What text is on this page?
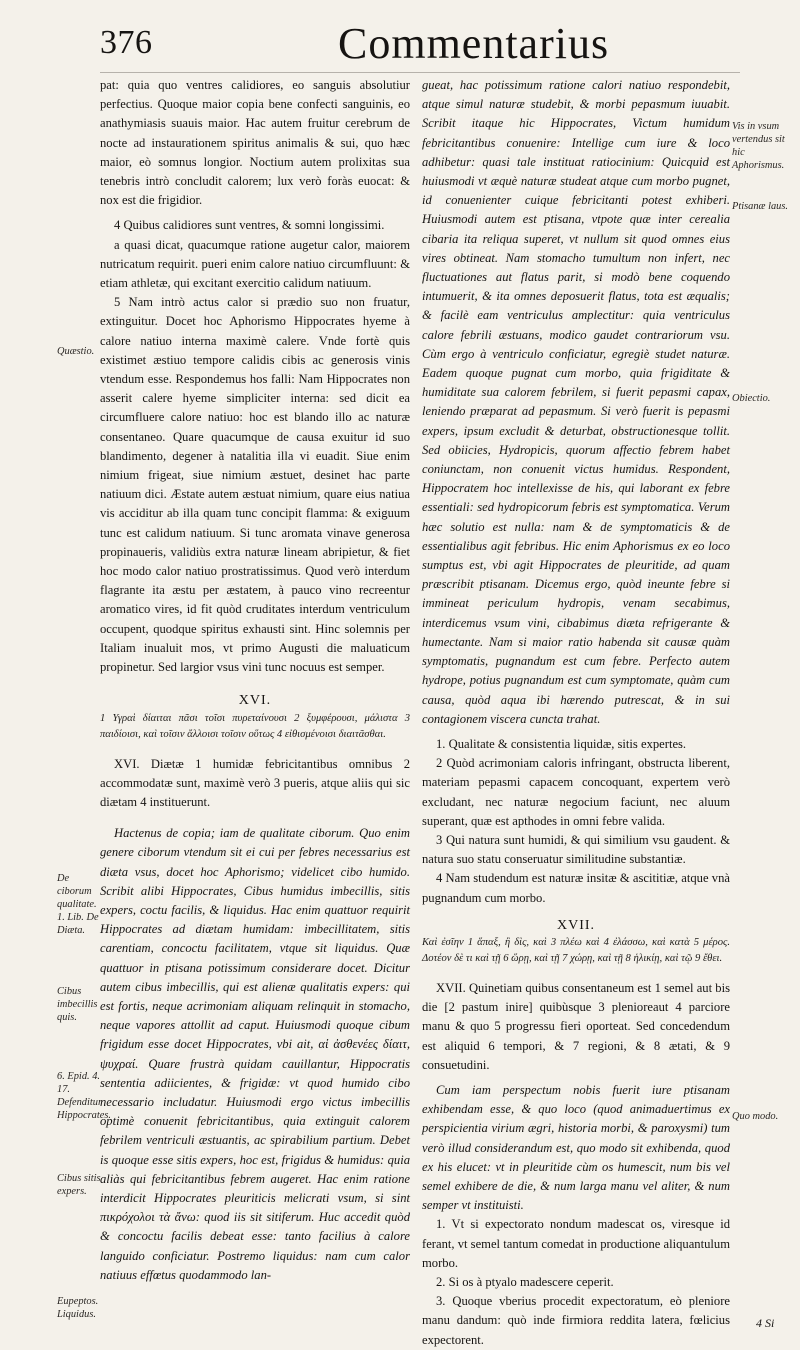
376	Commentarius

pat: quia quo ventres calidiores, eo sanguis absolutiur perfectius. Quoque maior copia bene confecti sanguinis, eo anathymiasis suauis maior. Hac autem fruitur cerebrum de nocte ad instaurationem spiritus animalis & sui, quo hæc maior, eò somnus longior. Noctium autem prolixitas sua tenebris intrò concludit calorem; lux verò foràs euocat: & nox est die frigidior.

4 Quibus calidiores sunt ventres, & somni longissimi.

a quasi dicat, quacumque ratione augetur calor, maiorem nutricatum requirit. pueri enim calore natiuo circumfluunt: & etiam athletæ, qui excitant exercitio calidum natiuum.

5 Nam intrò actus calor si prædio suo non fruatur, extinguitur. Docet hoc Aphorismo Hippocrates hyeme à calore natiuo interna maximè calere. Vnde fortè quis existimet æstiuo tempore calidis cibis ac generosis vinis vtendum esse. Respondemus hos falli: Nam Hippocrates non asserit calere hyeme simpliciter interna: sed dicit ea circumfluere calore natiuo: hoc est blando illo ac naturæ consentaneo. Quare quacumque de causa exuitur id suo blandimento, degener à natalitia illa vi euadit. Siue enim nimium frigeat, siue nimium æstuet, desinet hac parte natiuum dici. Æstate autem æstuat nimium, quare eius natiua vis acciditur ab illa quam tunc concipit flamma: & exiguum tunc est calidum natiuum. Si tunc aromata vinave generosa propinaueris, validiùs extra naturæ lineam abripietur, & fiet hoc modo calor natiuo prostratissimus. Quod verò interdum flagrante ita æstu per æstatem, à pauco vino recreentur aromatico vires, id fit quòd cruditates interdum ventriculum occupent, quodque spiritus exhausti sint. Hinc solemnis per Italiam inualuit mos, vt primo Augusti die maluaticum propinetur. Sed largior vsus vini tunc nocuus est semper.

XVI.

1 Υγραὶ δίαιται πᾶσι τοῖσι πυρεταίνουσι 2 ξυμφέρουσι, μάλιστα 3 παιδίοισι, καὶ τοῖσιν ἄλλοισι τοῖσιν οὕτως 4 εἰθισμένοισι διαιτᾶσθαι.

XVI. Diætæ 1 humidæ febricitantibus omnibus 2 accommodatæ sunt, maximè verò 3 pueris, atque aliis qui sic diætam 4 instituerunt.

Hactenus de copia; iam de qualitate ciborum. Quo enim genere ciborum vtendum sit ei cui per febres necessarius est diæta vsus, docet hoc Aphorismo; videlicet cibo humido. Scribit alibi Hippocrates, Cibus humidus imbecillis, sitis expers, coctu facilis, & liquidus. Hac enim quattuor requirit Hippocrates ad diætam humidam: imbecillitatem, sitis carentiam, concoctu facilitatem, vtque sit liquidus. Quæ quattuor in ptisana potissimum considerare docet. Dicitur autem cibus imbecillis, qui est alienæ qualitatis expers: qui est fortis, neque acrimoniam aliquam relinquit in stomacho, neque vapores attollit ad caput. Huiusmodi quoque cibum frigidum esse docet Hippocrates, vbi ait, αἱ ἀσθενέες δίαιτ, ψυχραί. Quare frustrà quidam cauillantur, Hippocratis sententia adiicientes, & frigidæ: vt quod humido cibo necessario includatur. Huiusmodi ergo victus imbecillis optimè conuenit febricitantibus, quia extinguit calorem febrilem ventriculi æstuantis, ac spirabilium partium. Debet is quoque esse sitis expers, hoc est, frigidus & humidus: quia aliàs qui febricitantibus febrem augeret. Hac enim ratione interdicit Hippocrates pleuriticis melicrati vsum, si sint πικρόχολοι τὰ ἄνω: quod iis sit sitiferum. Huc accedit quòd & concoctu facilis debeat esse: tanto facilius à calore languido conficiatur. Postremo liquidus: nam cum calor natiuus effœtus quodammodo lan-

gueat, hac potissimum ratione calori natiuo respondebit, atque simul naturæ studebit, & morbi pepasmum iuuabit. Scribit itaque hic Hippocrates, Victum humidum febricitantibus conuenire: Intellige cum iure & loco adhibetur: quasi tale instituat ratiocinium: Quicquid est huiusmodi vt æquè naturæ studeat atque cum morbo pugnet, id conuenienter cuique febricitanti potest exhiberi. Huiusmodi autem est ptisana, vtpote quæ inter cerealia cibaria ita reliqua superet, vt nullum sit quod omnes eius vires obtineat. Nam stomacho tumultum non infert, nec fluctuationes aut flatus parit, si modò bene coquendo intumuerit, & ita omnes deposuerit flatus, tota est æqualis; & facilè eam ventriculus amplectitur: quia ventriculus calore febrili æstuans, modico gaudet contrariorum vsu. Cùm ergo à ventriculo conficiatur, egregiè studet naturæ. Eadem quoque pugnat cum morbo, quia frigiditate & humiditate sua calorem febrilem, si fuerit pepasmi capax, leniendo præparat ad pepasmum. Si verò fuerit is pepasmi expers, ipsum excludit & deturbat, obstructionesque tollit. Sed obiicies, Hydropicis, quorum affectio febrem habet coniunctam, non conuenit victus humidus. Respondent, Hippocratem hoc intellexisse de his, qui laborant ex febre essentiali: sed hydropicorum febris est symptomatica. Verum hæc solutio est nulla: nam & de symptomaticis & de essentialibus agit febribus. Hic enim Aphorismus ex eo loco sumptus est, vbi agit Hippocrates de pleuritide, ad quam præscribit ptisanam. Dicemus ergo, quòd ineunte febre si immineat periculum hydropis, venam secabimus, interdicemus vsum vini, cibabimus diæta refrigerante & humectante. Nam si maior ratio habenda sit causæ quàm symptomatis, pugnandum est cum febre. Perfecto autem hydrope, potius pugnandum est cum symptomate, quàm cum causa, quòd aqua ibi hærendo putrescat, & in sui contagionem viscera cuncta trahat.

1. Qualitate & consistentia liquidæ, sitis expertes.

2 Quòd acrimoniam caloris infringant, obstructa liberent, materiam pepasmi capacem concoquant, expertem verò excludant, nec naturæ negocium faciunt, nec aluum superant, quæ est apthodes in omni febre valida.

3 Qui natura sunt humidi, & qui similium vsu gaudent. & natura suo statu conseruatur similitudine substantiæ.

4 Nam studendum est naturæ insitæ & ascititiæ, atque vnà pugnandum cum morbo.

XVII.

Καὶ ἐσῖην 1 ἅπαξ, ἢ δὶς, καὶ 3 πλέω καὶ 4 ἐλάσσω, καὶ κατὰ 5 μέρος. Δοτέον δὲ τι καὶ τῇ 6 ὥρῃ, καὶ τῇ 7 χώρῃ, καὶ τῇ 8 ἡλικίῃ, καὶ τῷ 9 ἔθει.

XVII. Quinetiam quibus consentaneum est 1 semel aut bis die [2 pastum inire] quibùsque 3 plenioreaut 4 parciore manu & quo 5 progressu fieri oporteat. Sed concedendum est aliquid 6 tempori, & 7 regioni, & 8 ætati, & 9 consuetudini.

Cum iam perspectum nobis fuerit iure ptisanam exhibendam esse, & quo loco (quod animaduertimus ex perspicientia virium ægri, historia morbi, & paroxysmi) tum verò illud considerandum est, quo modo sit exhibenda, quod ex his elucet: vt in pleuritide cùm os humescit, num bis vel semel exhibere de die, & num larga manu vel aliter, & num semper vt instituisti.

1. Vt si expectorato nondum madescat os, viresque id ferant, vt semel tantum comedat in productione aliquantulum morbo.

2. Si os à ptyalo madescere ceperit.

3. Quoque vberius procedit expectoratum, eò pleniore manu dandum: quò inde firmiora reddita latera, fœlicius expectorent.

Quæstio.
De ciborum qualitate. 1. Lib. De Diæta.
Cibus imbecillis quis.
6. Epid. 4. 17. Defenditur Hippocrates.
Cibus sitis expers.
Eupeptos. Liquidus.
Vis in vsum vertendus sit hic Aphorismus.
Ptisanæ laus.
Obiectio.
Quo modo.
4 Si
